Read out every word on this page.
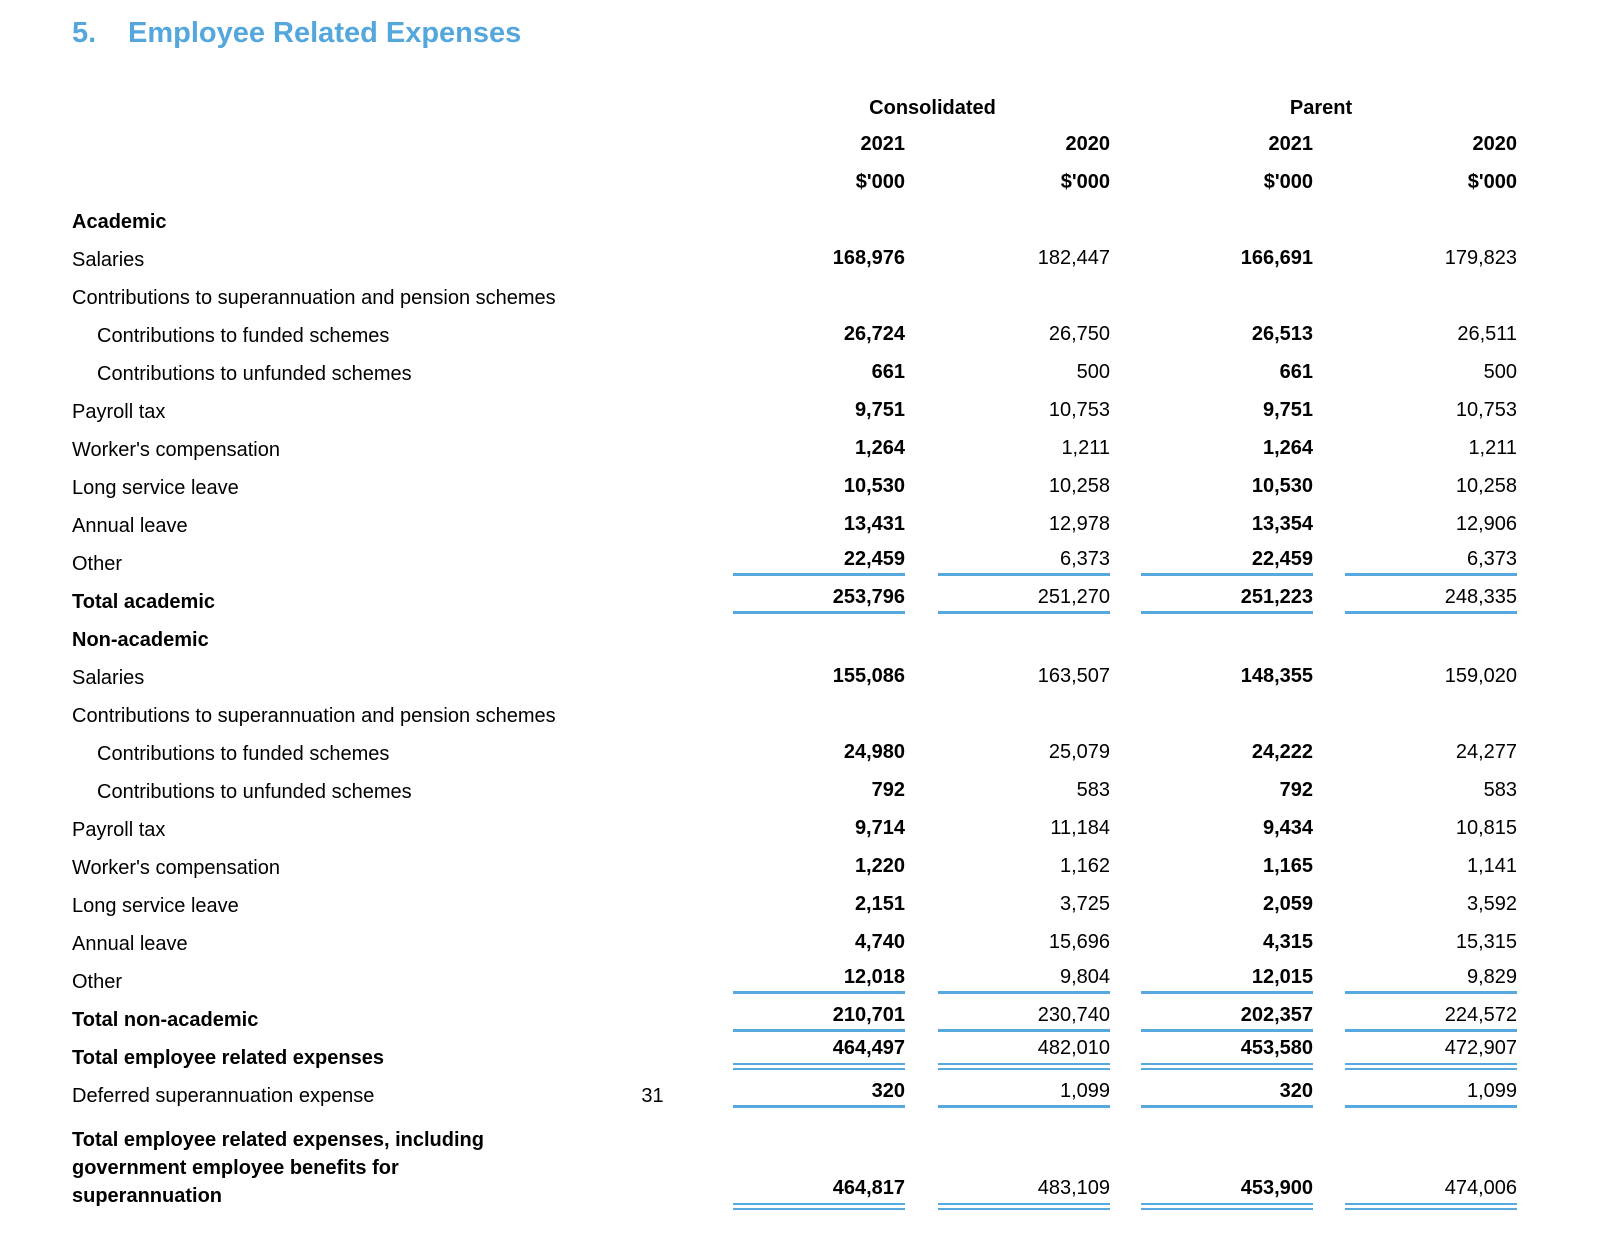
5.	Employee Related Expenses
		Consolidated		Parent	
		2021	2020	2021	2020
		$'000	$'000	$'000	$'000
Academic					
Salaries		168,976	182,447	166,691	179,823
Contributions to superannuation and pension schemes					
Contributions to funded schemes		26,724	26,750	26,513	26,511
Contributions to unfunded schemes		661	500	661	500
Payroll tax		9,751	10,753	9,751	10,753
Worker's compensation		1,264	1,211	1,264	1,211
Long service leave		10,530	10,258	10,530	10,258
Annual leave		13,431	12,978	13,354	12,906
Other		22,459	6,373	22,459	6,373
Total academic		253,796	251,270	251,223	248,335
Non-academic					
Salaries		155,086	163,507	148,355	159,020
Contributions to superannuation and pension schemes					
Contributions to funded schemes		24,980	25,079	24,222	24,277
Contributions to unfunded schemes		792	583	792	583
Payroll tax		9,714	11,184	9,434	10,815
Worker's compensation		1,220	1,162	1,165	1,141
Long service leave		2,151	3,725	2,059	3,592
Annual leave		4,740	15,696	4,315	15,315
Other		12,018	9,804	12,015	9,829
Total non-academic		210,701	230,740	202,357	224,572
Total employee related expenses		464,497	482,010	453,580	472,907
Deferred superannuation expense	31	320	1,099	320	1,099
Total employee related expenses, including government employee benefits for superannuation		464,817	483,109	453,900	474,006
